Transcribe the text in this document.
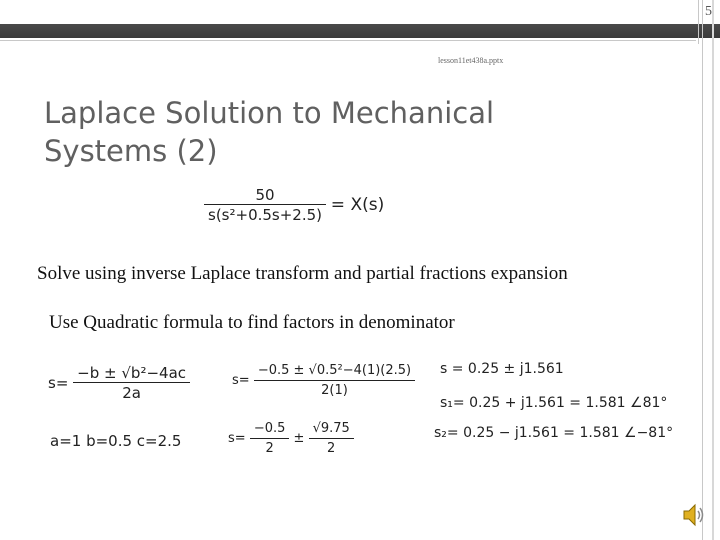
5
lesson11et438a.pptx
Laplace Solution to Mechanical
Systems (2)
$\frac{50}{\text{s(s²+0.5s+2.5)}} = X(s)$
Solve using inverse Laplace transform and partial fractions expansion
Use Quadratic formula to find factors in denominator
$s= \frac{\text{−b ± √b²−4ac}}{2a}$
a=1 b=0.5 c=2.5
$s= \frac{\text{−0.5 ± √0.5²−4(1)(2.5)}}{2(1)}$
$s= \frac{-0.5}{2} \pm \frac{√9.75}{2}$
s = 0.25 ± j1.561
s₁= 0.25 + j1.561 = 1.581 ∠81°
s₂= 0.25 − j1.561 = 1.581 ∠−81°
